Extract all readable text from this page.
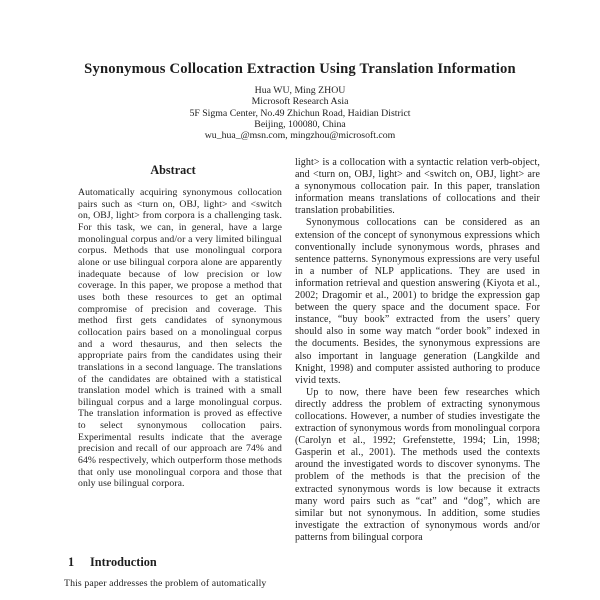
Synonymous Collocation Extraction Using Translation Information
Hua WU, Ming ZHOU
Microsoft Research Asia
5F Sigma Center, No.49 Zhichun Road, Haidian District
Beijing, 100080, China
wu_hua_@msn.com, mingzhou@microsoft.com
Abstract

Automatically acquiring synonymous collocation pairs such as <turn on, OBJ, light> and <switch on, OBJ, light> from corpora is a challenging task. For this task, we can, in general, have a large monolingual corpus and/or a very limited bilingual corpus. Methods that use monolingual corpora alone or use bilingual corpora alone are apparently inadequate because of low precision or low coverage. In this paper, we propose a method that uses both these resources to get an optimal compromise of precision and coverage. This method first gets candidates of synonymous collocation pairs based on a monolingual corpus and a word thesaurus, and then selects the appropriate pairs from the candidates using their translations in a second language. The translations of the candidates are obtained with a statistical translation model which is trained with a small bilingual corpus and a large monolingual corpus. The translation information is proved as effective to select synonymous collocation pairs. Experimental results indicate that the average precision and recall of our approach are 74% and 64% respectively, which outperform those methods that only use monolingual corpora and those that only use bilingual corpora.

1 Introduction

This paper addresses the problem of automatically

light> is a collocation with a syntactic relation verb-object, and <turn on, OBJ, light> and <switch on, OBJ, light> are a synonymous collocation pair. In this paper, translation information means translations of collocations and their translation probabilities.

Synonymous collocations can be considered as an extension of the concept of synonymous expressions which conventionally include synonymous words, phrases and sentence patterns. Synonymous expressions are very useful in a number of NLP applications. They are used in information retrieval and question answering (Kiyota et al., 2002; Dragomir et al., 2001) to bridge the expression gap between the query space and the document space. For instance, “buy book” extracted from the users’ query should also in some way match “order book” indexed in the documents. Besides, the synonymous expressions are also important in language generation (Langkilde and Knight, 1998) and computer assisted authoring to produce vivid texts.

Up to now, there have been few researches which directly address the problem of extracting synonymous collocations. However, a number of studies investigate the extraction of synonymous words from monolingual corpora (Carolyn et al., 1992; Grefenstette, 1994; Lin, 1998; Gasperin et al., 2001). The methods used the contexts around the investigated words to discover synonyms. The problem of the methods is that the precision of the extracted synonymous words is low because it extracts many word pairs such as “cat” and “dog”, which are similar but not synonymous. In addition, some studies investigate the extraction of synonymous words and/or patterns from bilingual corpora
